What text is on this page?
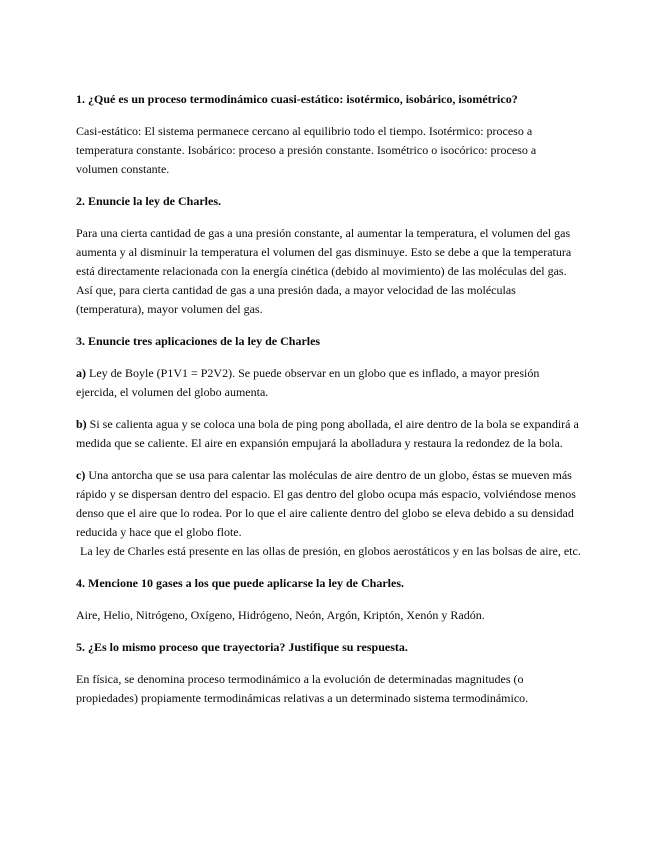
1. ¿Qué es un proceso termodinámico cuasi-estático: isotérmico, isobárico, isométrico?

Casi-estático: El sistema permanece cercano al equilibrio todo el tiempo. Isotérmico: proceso a temperatura constante. Isobárico: proceso a presión constante. Isométrico o isocórico: proceso a volumen constante.

2. Enuncie la ley de Charles.

Para una cierta cantidad de gas a una presión constante, al aumentar la temperatura, el volumen del gas aumenta y al disminuir la temperatura el volumen del gas disminuye. Esto se debe a que la temperatura está directamente relacionada con la energía cinética (debido al movimiento) de las moléculas del gas. Así que, para cierta cantidad de gas a una presión dada, a mayor velocidad de las moléculas (temperatura), mayor volumen del gas.

3. Enuncie tres aplicaciones de la ley de Charles

a) Ley de Boyle (P1V1 = P2V2). Se puede observar en un globo que es inflado, a mayor presión ejercida, el volumen del globo aumenta.

b) Si se calienta agua y se coloca una bola de ping pong abollada, el aire dentro de la bola se expandirá a medida que se caliente. El aire en expansión empujará la abolladura y restaura la redondez de la bola.

c) Una antorcha que se usa para calentar las moléculas de aire dentro de un globo, éstas se mueven más rápido y se dispersan dentro del espacio. El gas dentro del globo ocupa más espacio, volviéndose menos denso que el aire que lo rodea. Por lo que el aire caliente dentro del globo se eleva debido a su densidad reducida y hace que el globo flote.
La ley de Charles está presente en las ollas de presión, en globos aerostáticos y en las bolsas de aire, etc.

4. Mencione 10 gases a los que puede aplicarse la ley de Charles.

Aire, Helio, Nitrógeno, Oxígeno, Hidrógeno, Neón, Argón, Kriptón, Xenón y Radón.

5. ¿Es lo mismo proceso que trayectoria? Justifique su respuesta.

En física, se denomina proceso termodinámico a la evolución de determinadas magnitudes (o propiedades) propiamente termodinámicas relativas a un determinado sistema termodinámico.
